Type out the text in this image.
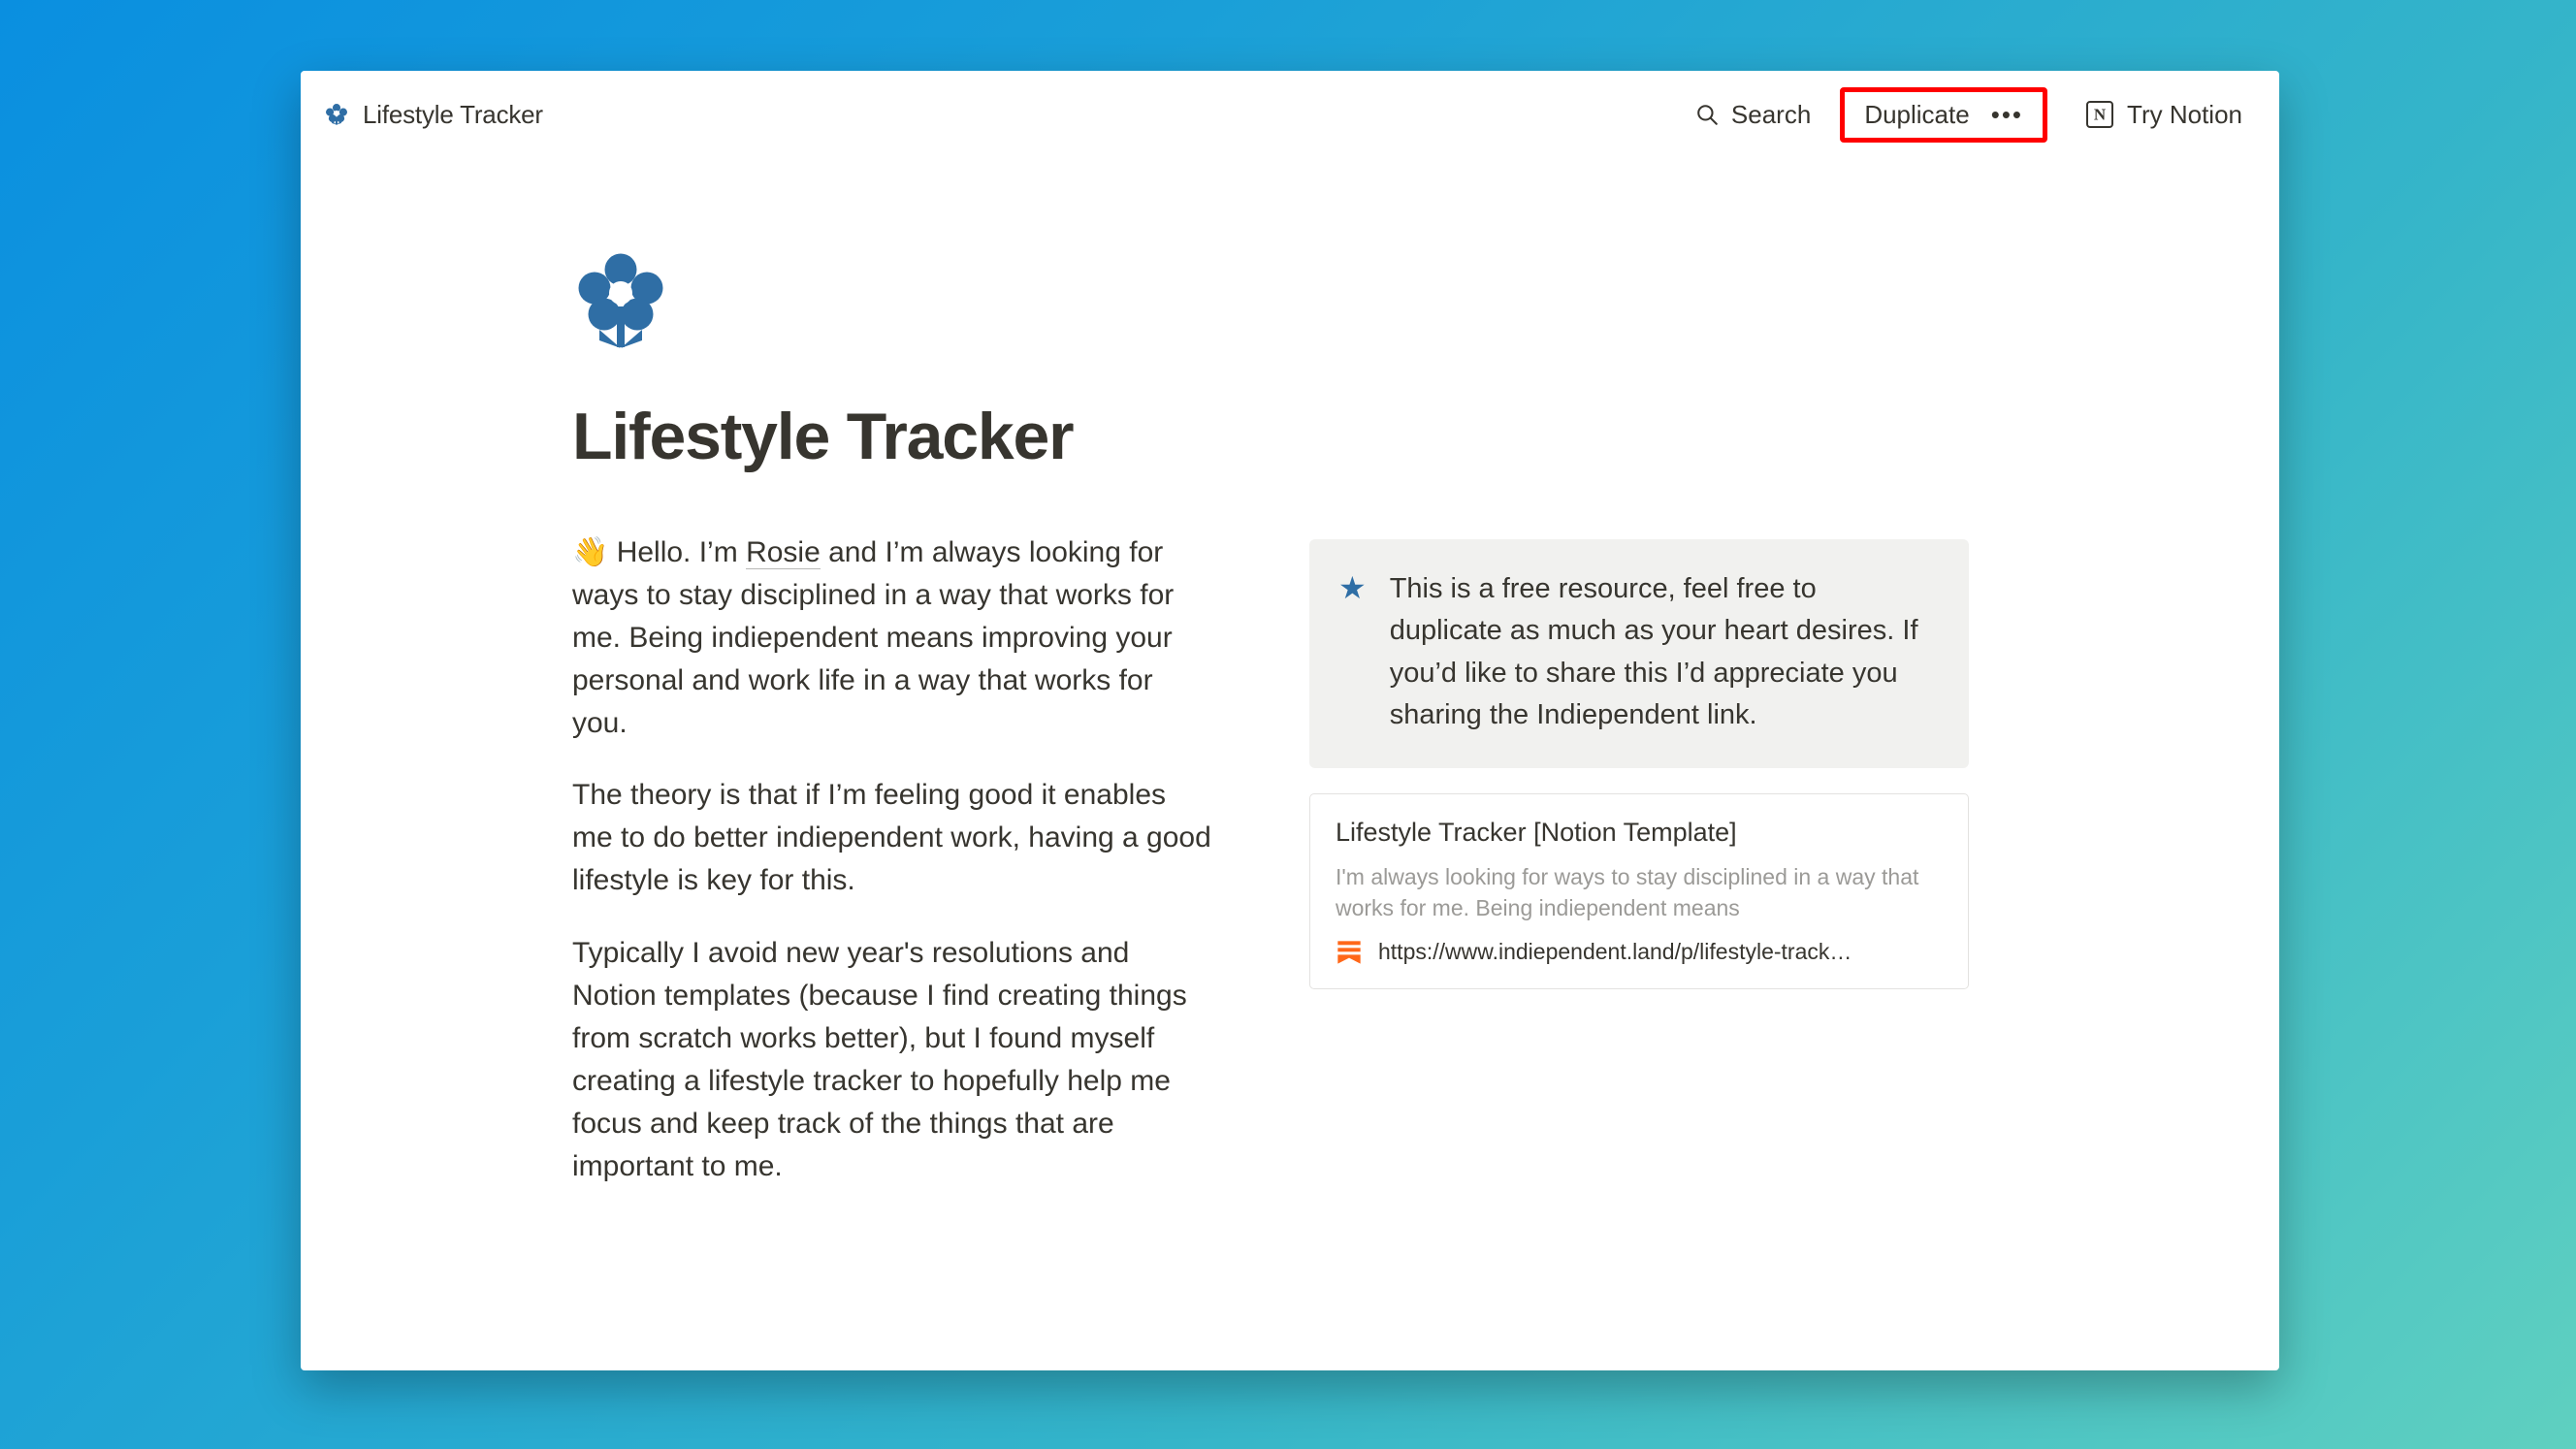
Lifestyle Tracker	Search	Duplicate ••• N	Try Notion
Lifestyle Tracker

👋 Hello. I’m Rosie and I’m always looking for ways to stay disciplined in a way that works for me. Being indiependent means improving your personal and work life in a way that works for you.

The theory is that if I’m feeling good it enables me to do better indiependent work, having a good lifestyle is key for this.

Typically I avoid new year's resolutions and Notion templates (because I find creating things from scratch works better), but I found myself creating a lifestyle tracker to hopefully help me focus and keep track of the things that are important to me.

★ This is a free resource, feel free to duplicate as much as your heart desires. If you’d like to share this I’d appreciate you sharing the Indiependent link.
Lifestyle Tracker [Notion Template]
I'm always looking for ways to stay disciplined in a way that works for me. Being indiependent means
https://www.indiependent.land/p/lifestyle-track…
